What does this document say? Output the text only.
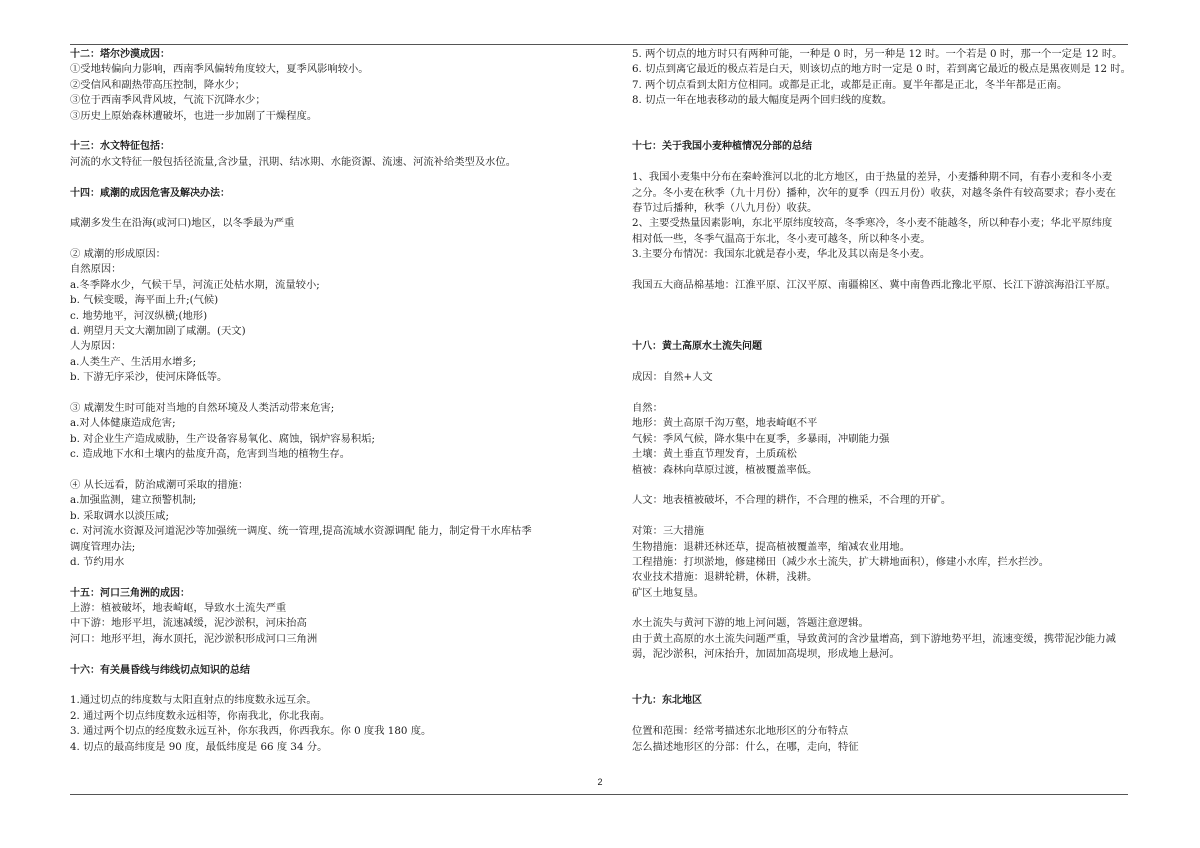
十二：塔尔沙漠成因：
①受地转偏向力影响，西南季风偏转角度较大，夏季风影响较小。
②受信风和副热带高压控制，降水少；
③位于西南季风背风坡，气流下沉降水少；
③历史上原始森林遭破坏，也进一步加剧了干燥程度。
十三：水文特征包括：
河流的水文特征一般包括径流量,含沙量，汛期、结冰期、水能资源、流速、河流补给类型及水位。
十四：咸潮的成因危害及解决办法：
咸潮多发生在沿海(或河口)地区，以冬季最为严重
② 咸潮的形成原因：
自然原因：
a.冬季降水少，气候干旱，河流正处枯水期，流量较小;
b. 气候变暖，海平面上升;(气候)
c. 地势地平，河汊纵横;(地形)
d. 朔望月天文大潮加剧了咸潮。(天文)
人为原因：
a.人类生产、生活用水增多;
b. 下游无序采沙，使河床降低等。
③ 咸潮发生时可能对当地的自然环境及人类活动带来危害;
a.对人体健康造成危害;
b. 对企业生产造成威胁，生产设备容易氧化、腐蚀，锅炉容易积垢;
c. 造成地下水和土壤内的盐度升高，危害到当地的植物生存。
④ 从长远看，防治咸潮可采取的措施：
a.加强监测，建立预警机制;
b. 采取调水以淡压咸;
c. 对河流水资源及河道泥沙等加强统一调度、统一管理,提高流域水资源调配 能力，制定骨干水库枯季
调度管理办法;
d. 节约用水
十五：河口三角洲的成因：
上游：植被破坏，地表崎岖，导致水土流失严重
中下游：地形平坦，流速减缓，泥沙淤积，河床抬高
河口：地形平坦，海水顶托，泥沙淤积形成河口三角洲
十六：有关晨昏线与纬线切点知识的总结
1.通过切点的纬度数与太阳直射点的纬度数永远互余。
2. 通过两个切点纬度数永远相等，你南我北，你北我南。
3. 通过两个切点的经度数永远互补，你东我西，你西我东。你 0 度我 180 度。
4. 切点的最高纬度是 90 度，最低纬度是 66 度 34 分。
5. 两个切点的地方时只有两种可能，一种是 0 时，另一种是 12 时。一个若是 0 时，那一个一定是 12 时。
6. 切点到离它最近的极点若是白天，则该切点的地方时一定是 0 时，若到离它最近的极点是黑夜则是 12 时。
7. 两个切点看到太阳方位相同。或都是正北，或都是正南。夏半年都是正北，冬半年都是正南。
8. 切点一年在地表移动的最大幅度是两个回归线的度数。
十七：关于我国小麦种植情况分部的总结
1、我国小麦集中分布在秦岭淮河以北的北方地区，由于热量的差异，小麦播种期不同，有春小麦和冬小麦
之分。冬小麦在秋季（九十月份）播种，次年的夏季（四五月份）收获，对越冬条件有较高要求；春小麦在
春节过后播种，秋季（八九月份）收获。
2、主要受热量因素影响，东北平原纬度较高，冬季寒冷，冬小麦不能越冬，所以种春小麦；华北平原纬度
相对低一些，冬季气温高于东北，冬小麦可越冬，所以种冬小麦。
3.主要分布情况：我国东北就是春小麦，华北及其以南是冬小麦。
我国五大商品棉基地：江淮平原、江汉平原、南疆棉区、冀中南鲁西北豫北平原、长江下游滨海沿江平原。
十八：黄土高原水土流失问题
成因：自然+人文
自然：
地形：黄土高原千沟万壑，地表崎岖不平
气候：季风气候，降水集中在夏季，多暴雨，冲刷能力强
土壤：黄土垂直节理发育，土质疏松
植被：森林向草原过渡，植被覆盖率低。
人文：地表植被破坏，不合理的耕作，不合理的樵采，不合理的开矿。
对策：三大措施
生物措施：退耕还林还草，提高植被覆盖率，缩减农业用地。
工程措施：打坝淤地，修建梯田（减少水土流失，扩大耕地面积），修建小水库，拦水拦沙。
农业技术措施：退耕轮耕，休耕，浅耕。
矿区土地复垦。
水土流失与黄河下游的地上河问题，答题注意逻辑。
由于黄土高原的水土流失问题严重，导致黄河的含沙量增高，到下游地势平坦，流速变缓，携带泥沙能力减
弱，泥沙淤积，河床抬升，加固加高堤坝，形成地上悬河。
十九：东北地区
位置和范围：经常考描述东北地形区的分布特点
怎么描述地形区的分部：什么，在哪，走向，特征
2
